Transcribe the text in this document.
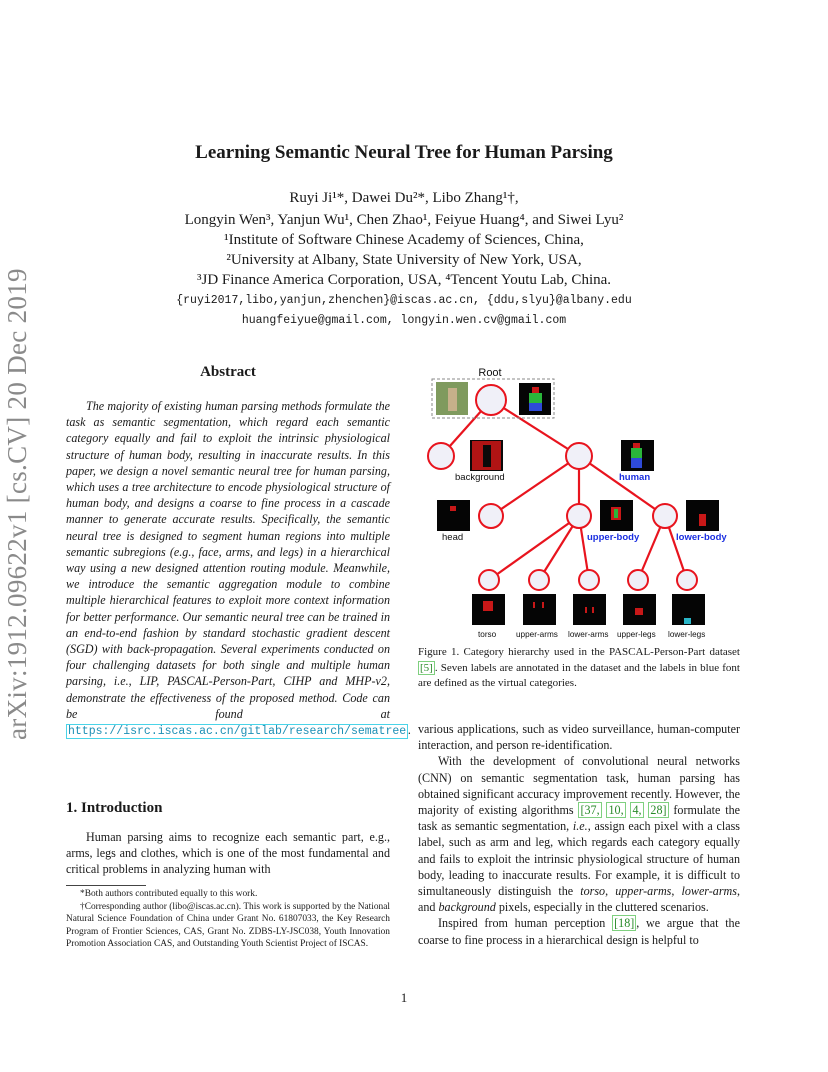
arXiv:1912.09622v1 [cs.CV] 20 Dec 2019
Learning Semantic Neural Tree for Human Parsing
Ruyi Ji¹*, Dawei Du²*, Libo Zhang¹†,
Longyin Wen³, Yanjun Wu¹, Chen Zhao¹, Feiyue Huang⁴, and Siwei Lyu²
¹Institute of Software Chinese Academy of Sciences, China,
²University at Albany, State University of New York, USA,
³JD Finance America Corporation, USA, ⁴Tencent Youtu Lab, China.
{ruyi2017,libo,yanjun,zhenchen}@iscas.ac.cn, {ddu,slyu}@albany.edu
huangfeiyue@gmail.com, longyin.wen.cv@gmail.com
Abstract

The majority of existing human parsing methods formulate the task as semantic segmentation, which regard each semantic category equally and fail to exploit the intrinsic physiological structure of human body, resulting in inaccurate results. In this paper, we design a novel semantic neural tree for human parsing, which uses a tree architecture to encode physiological structure of human body, and designs a coarse to fine process in a cascade manner to generate accurate results. Specifically, the semantic neural tree is designed to segment human regions into multiple semantic subregions (e.g., face, arms, and legs) in a hierarchical way using a new designed attention routing module. Meanwhile, we introduce the semantic aggregation module to combine multiple hierarchical features to exploit more context information for better performance. Our semantic neural tree can be trained in an end-to-end fashion by standard stochastic gradient descent (SGD) with back-propagation. Several experiments conducted on four challenging datasets for both single and multiple human parsing, i.e., LIP, PASCAL-Person-Part, CIHP and MHP-v2, demonstrate the effectiveness of the proposed method. Code can be found at https://isrc.iscas.ac.cn/gitlab/research/sematree .

1. Introduction

Human parsing aims to recognize each semantic part, e.g., arms, legs and clothes, which is one of the most fundamental and critical problems in analyzing human with

*Both authors contributed equally to this work.

†Corresponding author (libo@iscas.ac.cn). This work is supported by the National Natural Science Foundation of China under Grant No. 61807033, the Key Research Program of Frontier Sciences, CAS, Grant No. ZDBS-LY-JSC038, Youth Innovation Promotion Association CAS, and Outstanding Youth Scientist Project of ISCAS.

Root
background	human
head	upper-body	lower-body
torso upper-arms lower-arms upper-legs lower-legs

Figure 1. Category hierarchy used in the PASCAL-Person-Part dataset [5] . Seven labels are annotated in the dataset and the labels in blue font are defined as the virtual categories.

various applications, such as video surveillance, human-computer interaction, and person re-identification.

With the development of convolutional neural networks (CNN) on semantic segmentation task, human parsing has obtained significant accuracy improvement recently. However, the majority of existing algorithms [37, 10, 4, 28] formulate the task as semantic segmentation, i.e., assign each pixel with a class label, such as arm and leg, which regards each category equally and fails to exploit the intrinsic physiological structure of human body, leading to inaccurate results. For example, it is difficult to simultaneously distinguish the torso, upper-arms, lower-arms, and background pixels, especially in the cluttered scenarios.

Inspired from human perception [18] , we argue that the coarse to fine process in a hierarchical design is helpful to

1
